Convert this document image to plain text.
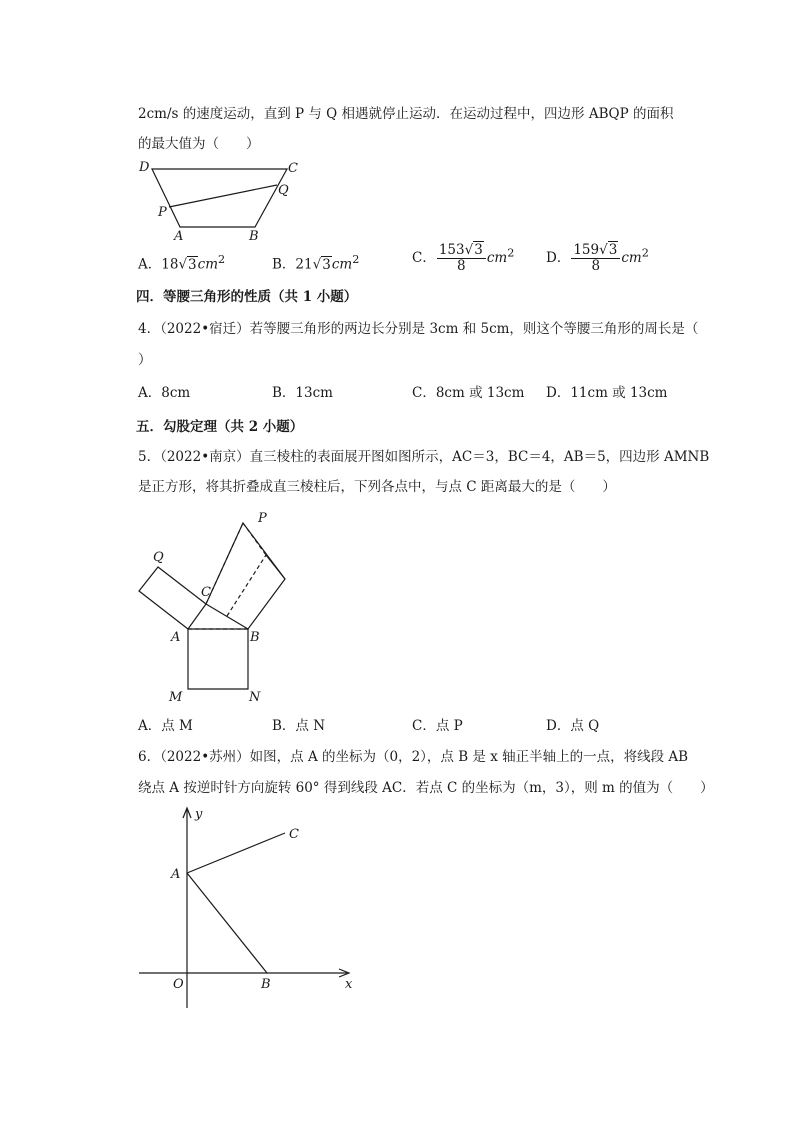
2cm/s 的速度运动，直到 P 与 Q 相遇就停止运动．在运动过程中，四边形 ABQP 的面积
的最大值为（　　）
D	C
Q
P
A	B
A．$18√3cm^2$	B．$21√3cm^2$	C． $\frac{153√3}{8} cm^2$ D． $\frac{159√3}{8} cm^2$
四．等腰三角形的性质（共 1 小题）
4．（2022•宿迁）若等腰三角形的两边长分别是 3cm 和 5cm，则这个等腰三角形的周长是（
）
A．8cm	B．13cm	C．8cm 或 13cm D．11cm 或 13cm
五．勾股定理（共 2 小题）
5．（2022•南京）直三棱柱的表面展开图如图所示，AC＝3，BC＝4，AB＝5，四边形 AMNB
是正方形，将其折叠成直三棱柱后，下列各点中，与点 C 距离最大的是（　　）
P
Q
C
A	B
M	N
A．点 M	B．点 N	C．点 P	D．点 Q
6．（2022•苏州）如图，点 A 的坐标为（0，2），点 B 是 x 轴正半轴上的一点，将线段 AB
绕点 A 按逆时针方向旋转 60° 得到线段 AC．若点 C 的坐标为（m，3），则 m 的值为（　　）
y
x
O
A
B
C
